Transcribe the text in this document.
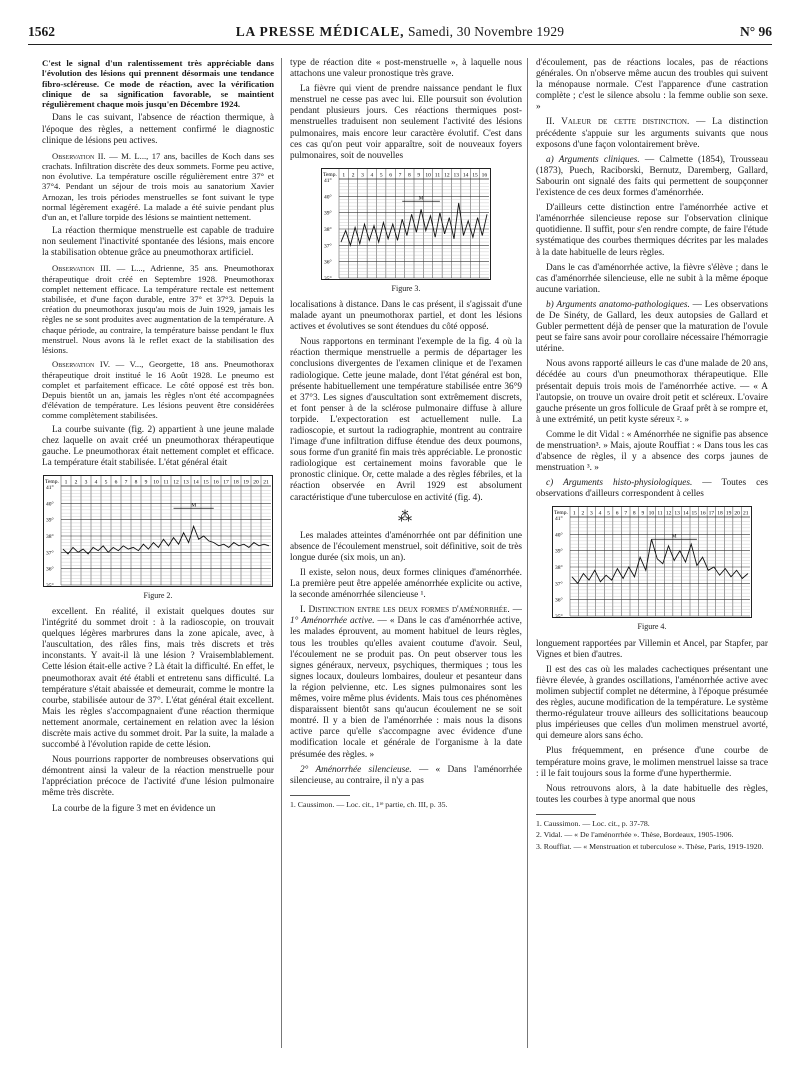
1562	LA PRESSE MÉDICALE, Samedi, 30 Novembre 1929	N° 96

C'est le signal d'un ralentissement très appréciable dans l'évolution des lésions qui prennent désormais une tendance fibro-scléreuse. Ce mode de réaction, avec la vérification clinique de sa signification favorable, se maintient régulièrement chaque mois jusqu'en Décembre 1924.

Dans le cas suivant, l'absence de réaction thermique, à l'époque des règles, a nettement confirmé le diagnostic clinique de lésions peu actives.

Observation II. — M. L..., 17 ans, bacilles de Koch dans ses crachats. Infiltration discrète des deux sommets. Forme peu active, non évolutive. La température oscille régulièrement entre 37° et 37°4. Pendant un séjour de trois mois au sanatorium Xavier Arnozan, les trois périodes menstruelles se font suivant le type normal légèrement exagéré. La malade a été suivie pendant plus d'un an, et l'allure torpide des lésions se maintient nettement.

La réaction thermique menstruelle est capable de traduire non seulement l'inactivité spontanée des lésions, mais encore la stabilisation obtenue grâce au pneumothorax artificiel.

Observation III. — L..., Adrienne, 35 ans. Pneumothorax thérapeutique droit créé en Septembre 1928. Pneumothorax complet nettement efficace. La température rectale est nettement stabilisée, et d'une façon durable, entre 37° et 37°3. Depuis la création du pneumothorax jusqu'au mois de Juin 1929, jamais les règles ne se sont produites avec augmentation de la température. A chaque période, au contraire, la température baisse pendant le flux menstruel. Nous avons là le reflet exact de la stabilisation des lésions.

Observation IV. — V..., Georgette, 18 ans. Pneumothorax thérapeutique droit institué le 16 Août 1928. Le pneumo est complet et parfaitement efficace. Le côté opposé est très bon. Depuis bientôt un an, jamais les règles n'ont été accompagnées d'élévation de température. Les lésions peuvent être considérées comme complètement stabilisées.

La courbe suivante (fig. 2) appartient à une jeune malade chez laquelle on avait créé un pneumothorax thérapeutique gauche. Le pneumothorax était nettement complet et efficace. La température était stabilisée. L'état général était

Temp. 1 2 3 4 5 6 7 8 9 10 11 12 13 14 15 16 17 18 19 20 21
41°
40°
39°
38°
37°
36°
35°
M
Figure 2.

excellent. En réalité, il existait quelques doutes sur l'intégrité du sommet droit : à la radioscopie, on trouvait quelques légères marbrures dans la zone apicale, avec, à l'auscultation, des râles fins, mais très discrets et très inconstants. Y avait-il là une lésion ? Vraisemblablement. Cette lésion était-elle active ? Là était la difficulté. En effet, le pneumothorax avait été établi et entretenu sans difficulté. La température s'était abaissée et demeurait, comme le montre la courbe, stabilisée autour de 37°. L'état général était excellent. Mais les règles s'accompagnaient d'une réaction thermique nettement anormale, certainement en relation avec la lésion discrète mais active du sommet droit. Par la suite, la malade a succombé à l'évolution rapide de cette lésion.

Nous pourrions rapporter de nombreuses observations qui démontrent ainsi la valeur de la réaction menstruelle pour l'appréciation précoce de l'activité d'une lésion pulmonaire même très discrète.

La courbe de la figure 3 met en évidence un

type de réaction dite « post-menstruelle », à laquelle nous attachons une valeur pronostique très grave.

La fièvre qui vient de prendre naissance pendant le flux menstruel ne cesse pas avec lui. Elle poursuit son évolution pendant plusieurs jours. Ces réactions thermiques post-menstruelles traduisent non seulement l'activité des lésions pulmonaires, mais encore leur caractère évolutif. C'est dans ces cas qu'on peut voir apparaître, soit de nouveaux foyers pulmonaires, soit de nouvelles

Temp. 1 2 3 4 5 6 7 8 9 10 11 12 13 14 15 16
41°
40°
39°
38°
37°
36°
35°
M
Figure 3.

localisations à distance. Dans le cas présent, il s'agissait d'une malade ayant un pneumothorax partiel, et dont les lésions actives et évolutives se sont étendues du côté opposé.

Nous rapportons en terminant l'exemple de la fig. 4 où la réaction thermique menstruelle a permis de départager les conclusions divergentes de l'examen clinique et de l'examen radiologique. Cette jeune malade, dont l'état général est bon, présente habituellement une température stabilisée entre 36°9 et 37°3. Les signes d'auscultation sont extrêmement discrets, et font penser à de la sclérose pulmonaire diffuse à allure torpide. L'expectoration est actuellement nulle. La radioscopie, et surtout la radiographie, montrent au contraire l'image d'une infiltration diffuse étendue des deux poumons, sous forme d'un granité fin mais très appréciable. Le pronostic radiologique est certainement moins favorable que le pronostic clinique. Or, cette malade a des règles fébriles, et la réaction observée en Avril 1929 est absolument caractéristique d'une tuberculose en activité (fig. 4).

⁂

Les malades atteintes d'aménorrhée ont par définition une absence de l'écoulement menstruel, soit définitive, soit de très longue durée (six mois, un an).

Il existe, selon nous, deux formes cliniques d'aménorrhée. La première peut être appelée aménorrhée explicite ou active, la seconde aménorrhée silencieuse ¹.

I. Distinction entre les deux formes d'aménorrhée. — 1° Aménorrhée active. — « Dans le cas d'aménorrhée active, les malades éprouvent, au moment habituel de leurs règles, tous les troubles qu'elles avaient coutume d'avoir. Seul, l'écoulement ne se produit pas. On peut observer tous les signes généraux, nerveux, psychiques, thermiques ; tous les signes locaux, douleurs lombaires, douleur et pesanteur dans la région pelvienne, etc. Les signes pulmonaires sont les mêmes, voire même plus évidents. Mais tous ces phénomènes disparaissent bientôt sans qu'aucun écoulement ne se soit montré. Il y a bien de l'aménorrhée : mais nous la disons active parce qu'elle s'accompagne avec évidence d'une modification locale et générale de l'organisme à la date présumée des règles. »

2° Aménorrhée silencieuse. — « Dans l'aménorrhée silencieuse, au contraire, il n'y a pas

1. Caussimon. — Loc. cit., 1ʳᵉ partie, ch. III, p. 35.

d'écoulement, pas de réactions locales, pas de réactions générales. On n'observe même aucun des troubles qui suivent la ménopause normale. C'est l'apparence d'une castration complète ; c'est le silence absolu : la femme oublie son sexe. »

II. Valeur de cette distinction. — La distinction précédente s'appuie sur les arguments suivants que nous exposons d'une façon volontairement brève.

a) Arguments cliniques. — Calmette (1854), Trousseau (1873), Puech, Raciborski, Bernutz, Daremberg, Gallard, Sabourin ont signalé des faits qui permettent de soupçonner l'existence de ces deux formes d'aménorrhée.

D'ailleurs cette distinction entre l'aménorrhée active et l'aménorrhée silencieuse repose sur l'observation clinique quotidienne. Il suffit, pour s'en rendre compte, de faire l'étude systématique des courbes thermiques décrites par les malades à la date habituelle de leurs règles.

Dans le cas d'aménorrhée active, la fièvre s'élève ; dans le cas d'aménorrhée silencieuse, elle ne subit à la même époque aucune variation.

b) Arguments anatomo-pathologiques. — Les observations de De Sinéty, de Gallard, les deux autopsies de Gallard et Gubler permettent déjà de penser que la maturation de l'ovule peut se faire sans avoir pour corollaire nécessaire l'hémorragie utérine.

Nous avons rapporté ailleurs le cas d'une malade de 20 ans, décédée au cours d'un pneumothorax thérapeutique. Elle présentait depuis trois mois de l'aménorrhée active. — « A l'autopsie, on trouve un ovaire droit petit et scléreux. L'ovaire gauche présente un gros follicule de Graaf prêt à se rompre et, à une extrémité, un petit kyste séreux ². »

Comme le dit Vidal : « Aménorrhée ne signifie pas absence de menstruation³. » Mais, ajoute Rouffiat : « Dans tous les cas d'absence de règles, il y a absence des corps jaunes de menstruation ³. »

c) Arguments histo-physiologiques. — Toutes ces observations d'ailleurs correspondent à celles

Temp. 1 2 3 4 5 6 7 8 9 10 11 12 13 14 15 16 17 18 19 20 21
41°
40°
39°
38°
37°
36°
35°
M
Figure 4.

longuement rapportées par Villemin et Ancel, par Stapfer, par Vignes et bien d'autres.

Il est des cas où les malades cachectiques présentant une fièvre élevée, à grandes oscillations, l'aménorrhée active avec molimen subjectif complet ne détermine, à l'époque présumée des règles, aucune modification de la température. Le système thermo-régulateur trouve ailleurs des sollicitations beaucoup plus impérieuses que celles d'un molimen menstruel avorté, qui demeure alors sans écho.

Plus fréquemment, en présence d'une courbe de température moins grave, le molimen menstruel laisse sa trace : il le fait toujours sous la forme d'une hyperthermie.

Nous retrouvons alors, à la date habituelle des règles, toutes les courbes à type anormal que nous

1. Caussimon. — Loc. cit., p. 37-78.

2. Vidal. — « De l'aménorrhée ». Thèse, Bordeaux, 1905-1906.

3. Rouffiat. — « Menstruation et tuberculose ». Thèse, Paris, 1919-1920.
